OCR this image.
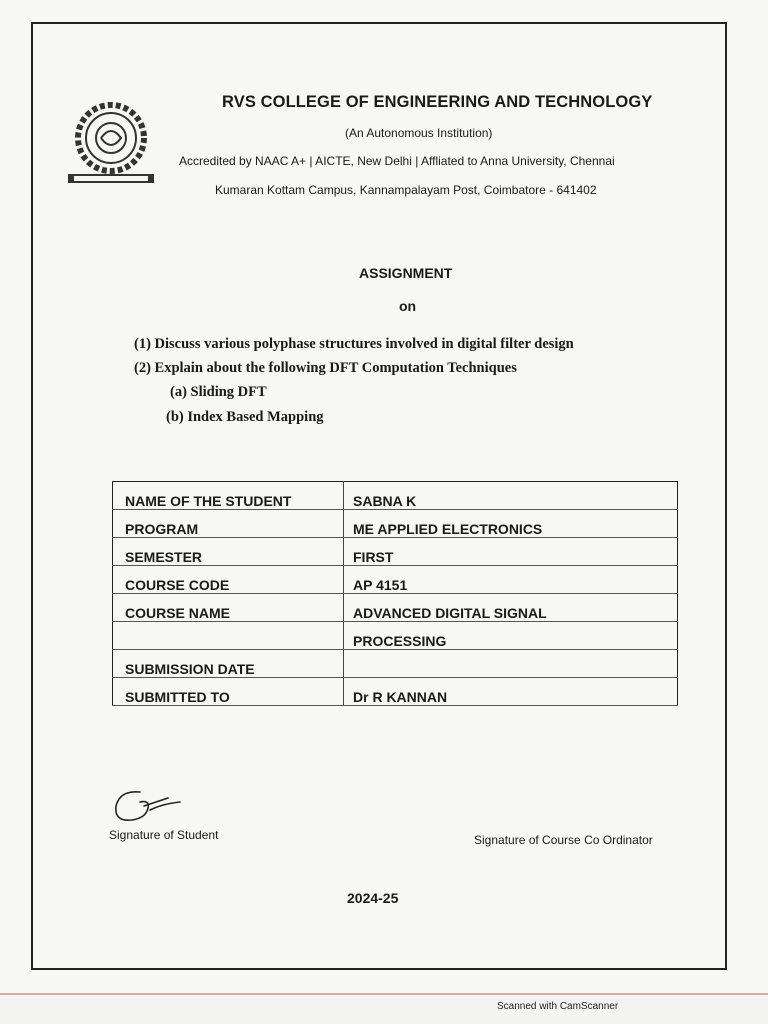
RVS COLLEGE OF ENGINEERING AND TECHNOLOGY
(An Autonomous Institution)
Accredited by NAAC A+ | AICTE, New Delhi | Affliated to Anna University, Chennai
Kumaran Kottam Campus, Kannampalayam Post, Coimbatore - 641402
ASSIGNMENT
on
(1) Discuss various polyphase structures involved in digital filter design
(2) Explain about the following DFT Computation Techniques
(a) Sliding DFT
(b) Index Based Mapping
NAME OF THE STUDENT	SABNA K
PROGRAM	ME APPLIED ELECTRONICS
SEMESTER	FIRST
COURSE CODE	AP 4151
COURSE NAME	ADVANCED DIGITAL SIGNAL
	PROCESSING
SUBMISSION DATE	
SUBMITTED TO	Dr R KANNAN
Signature of Student	Signature of Course Co Ordinator
2024-25
Scanned with CamScanner
